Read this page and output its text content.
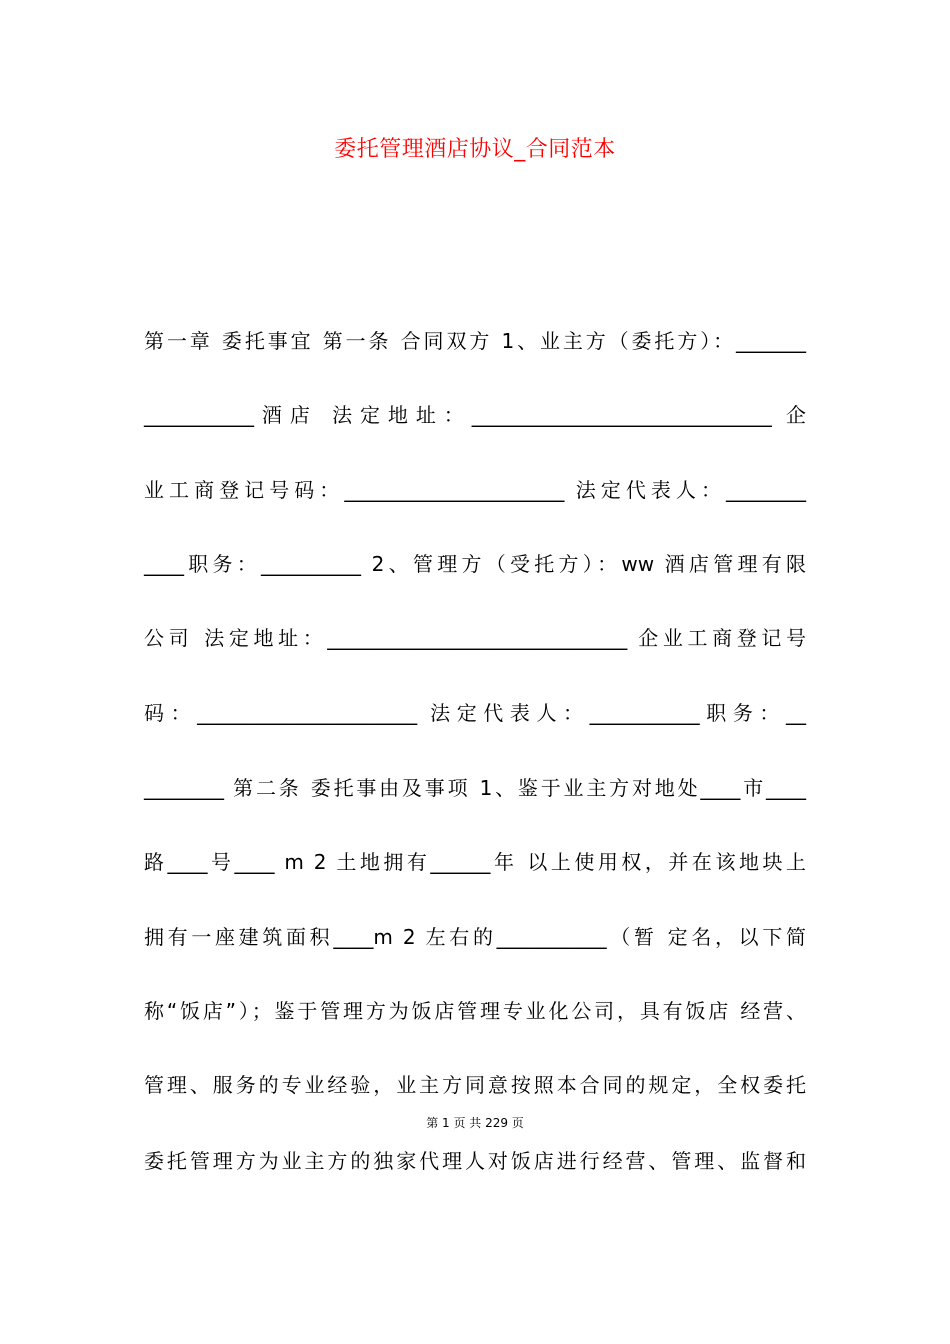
委托管理酒店协议_合同范本
第一章 委托事宜 第一条 合同双方 1、业主方（委托方）：_______
___________酒店 法定地址：______________________________ 企
业工商登记号码：______________________ 法定代表人：________
____职务：__________ 2、管理方（受托方）：ww 酒店管理有限
公司 法定地址：______________________________ 企业工商登记号
码：______________________ 法定代表人：___________职务：__
________ 第二条 委托事由及事项 1、鉴于业主方对地处____市____
路____号____ m 2 土地拥有______年 以上使用权，并在该地块上
拥有一座建筑面积____m 2 左右的___________（暂 定名，以下简
称“饭店”）；鉴于管理方为饭店管理专业化公司，具有饭店 经营、
管理、服务的专业经验，业主方同意按照本合同的规定，全权委托
委托管理方为业主方的独家代理人对饭店进行经营、管理、监督和
第 1 页 共 229 页
